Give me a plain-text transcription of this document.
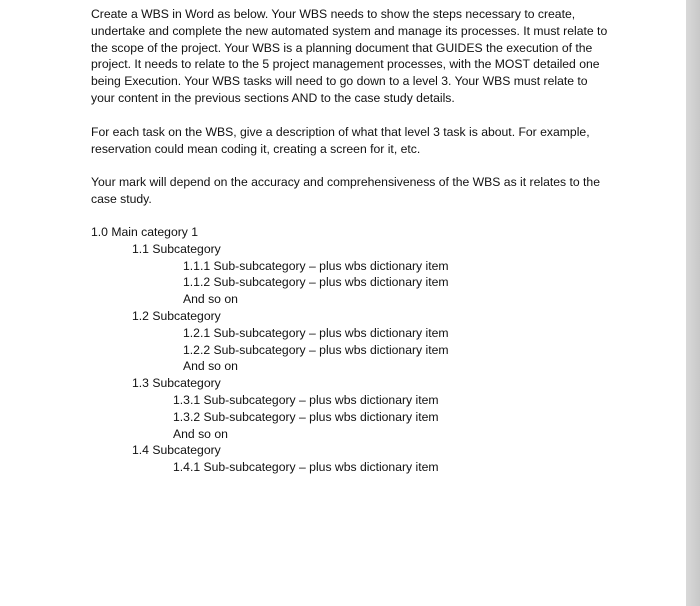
Create a WBS in Word as below. Your WBS needs to show the steps necessary to create, undertake and complete the new automated system and manage its processes. It must relate to the scope of the project. Your WBS is a planning document that GUIDES the execution of the project. It needs to relate to the 5 project management processes, with the MOST detailed one being Execution. Your WBS tasks will need to go down to a level 3. Your WBS must relate to your content in the previous sections AND to the case study details.

For each task on the WBS, give a description of what that level 3 task is about. For example, reservation could mean coding it, creating a screen for it, etc.

Your mark will depend on the accuracy and comprehensiveness of the WBS as it relates to the case study.

1.0 Main category 1
1.1 Subcategory
1.1.1 Sub-subcategory – plus wbs dictionary item
1.1.2 Sub-subcategory – plus wbs dictionary item
And so on
1.2 Subcategory
1.2.1 Sub-subcategory – plus wbs dictionary item
1.2.2 Sub-subcategory – plus wbs dictionary item
And so on
1.3 Subcategory
1.3.1 Sub-subcategory – plus wbs dictionary item
1.3.2 Sub-subcategory – plus wbs dictionary item
And so on
1.4 Subcategory
1.4.1 Sub-subcategory – plus wbs dictionary item
